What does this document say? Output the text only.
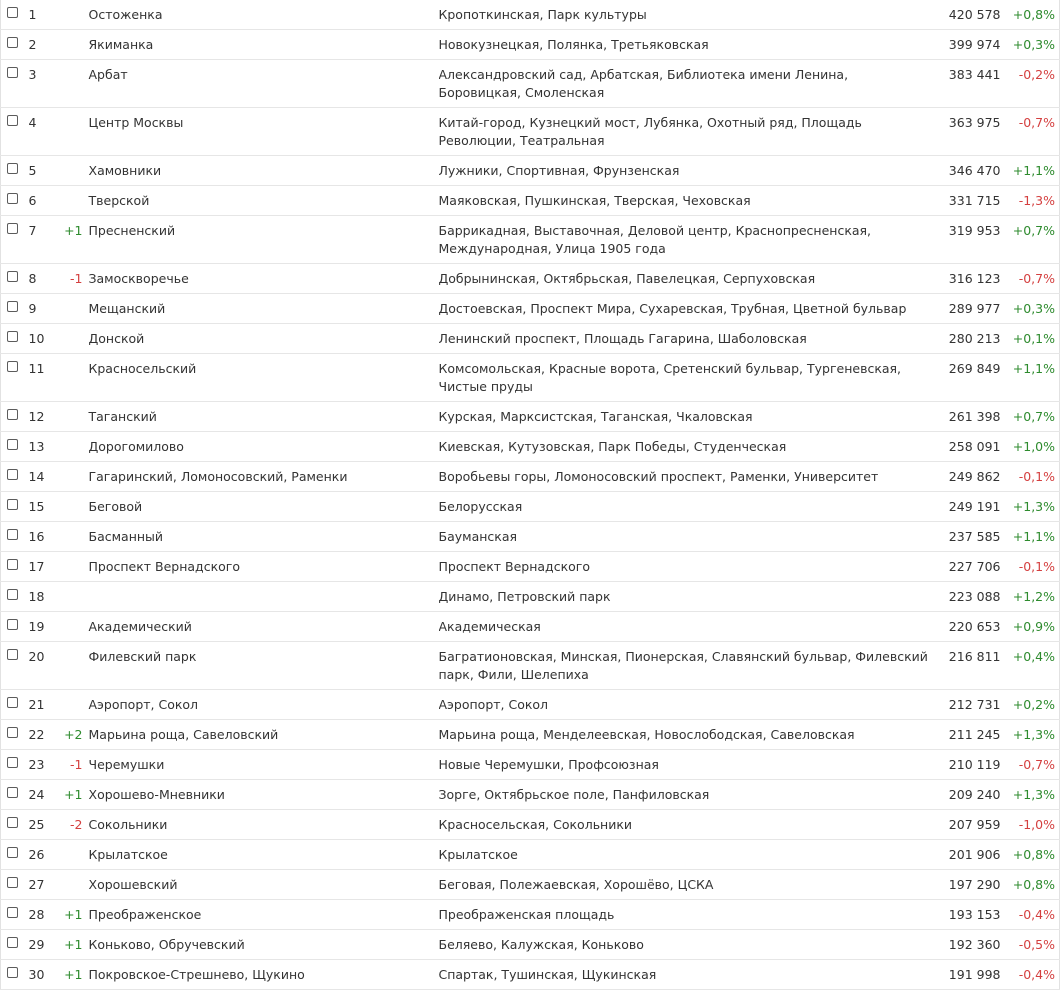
	1		Остоженка	Кропоткинская, Парк культуры	420 578	+0,8%

	2		Якиманка	Новокузнецкая, Полянка, Третьяковская	399 974	+0,3%

	3		Арбат	Александровский сад, Арбатская, Библиотека имени Ленина, Боровицкая, Смоленская	383 441	-0,2%

	4		Центр Москвы	Китай-город, Кузнецкий мост, Лубянка, Охотный ряд, Площадь Революции, Театральная	363 975	-0,7%

	5		Хамовники	Лужники, Спортивная, Фрунзенская	346 470	+1,1%

	6		Тверской	Маяковская, Пушкинская, Тверская, Чеховская	331 715	-1,3%

	7	+1	Пресненский	Баррикадная, Выставочная, Деловой центр, Краснопресненская, Международная, Улица 1905 года	319 953	+0,7%

	8	-1	Замоскворечье	Добрынинская, Октябрьская, Павелецкая, Серпуховская	316 123	-0,7%

	9		Мещанский	Достоевская, Проспект Мира, Сухаревская, Трубная, Цветной бульвар	289 977	+0,3%

	10		Донской	Ленинский проспект, Площадь Гагарина, Шаболовская	280 213	+0,1%

	11		Красносельский	Комсомольская, Красные ворота, Сретенский бульвар, Тургеневская, Чистые пруды	269 849	+1,1%

	12		Таганский	Курская, Марксистская, Таганская, Чкаловская	261 398	+0,7%

	13		Дорогомилово	Киевская, Кутузовская, Парк Победы, Студенческая	258 091	+1,0%

	14		Гагаринский, Ломоносовский, Раменки	Воробьевы горы, Ломоносовский проспект, Раменки, Университет	249 862	-0,1%

	15		Беговой	Белорусская	249 191	+1,3%

	16		Басманный	Бауманская	237 585	+1,1%

	17		Проспект Вернадского	Проспект Вернадского	227 706	-0,1%

	18			Динамо, Петровский парк	223 088	+1,2%

	19		Академический	Академическая	220 653	+0,9%

	20		Филевский парк	Багратионовская, Минская, Пионерская, Славянский бульвар, Филевский парк, Фили, Шелепиха	216 811	+0,4%

	21		Аэропорт, Сокол	Аэропорт, Сокол	212 731	+0,2%

	22	+2	Марьина роща, Савеловский	Марьина роща, Менделеевская, Новослободская, Савеловская	211 245	+1,3%

	23	-1	Черемушки	Новые Черемушки, Профсоюзная	210 119	-0,7%

	24	+1	Хорошево-Мневники	Зорге, Октябрьское поле, Панфиловская	209 240	+1,3%

	25	-2	Сокольники	Красносельская, Сокольники	207 959	-1,0%

	26		Крылатское	Крылатское	201 906	+0,8%

	27		Хорошевский	Беговая, Полежаевская, Хорошёво, ЦСКА	197 290	+0,8%

	28	+1	Преображенское	Преображенская площадь	193 153	-0,4%

	29	+1	Коньково, Обручевский	Беляево, Калужская, Коньково	192 360	-0,5%

	30	+1	Покровское-Стрешнево, Щукино	Спартак, Тушинская, Щукинская	191 998	-0,4%
